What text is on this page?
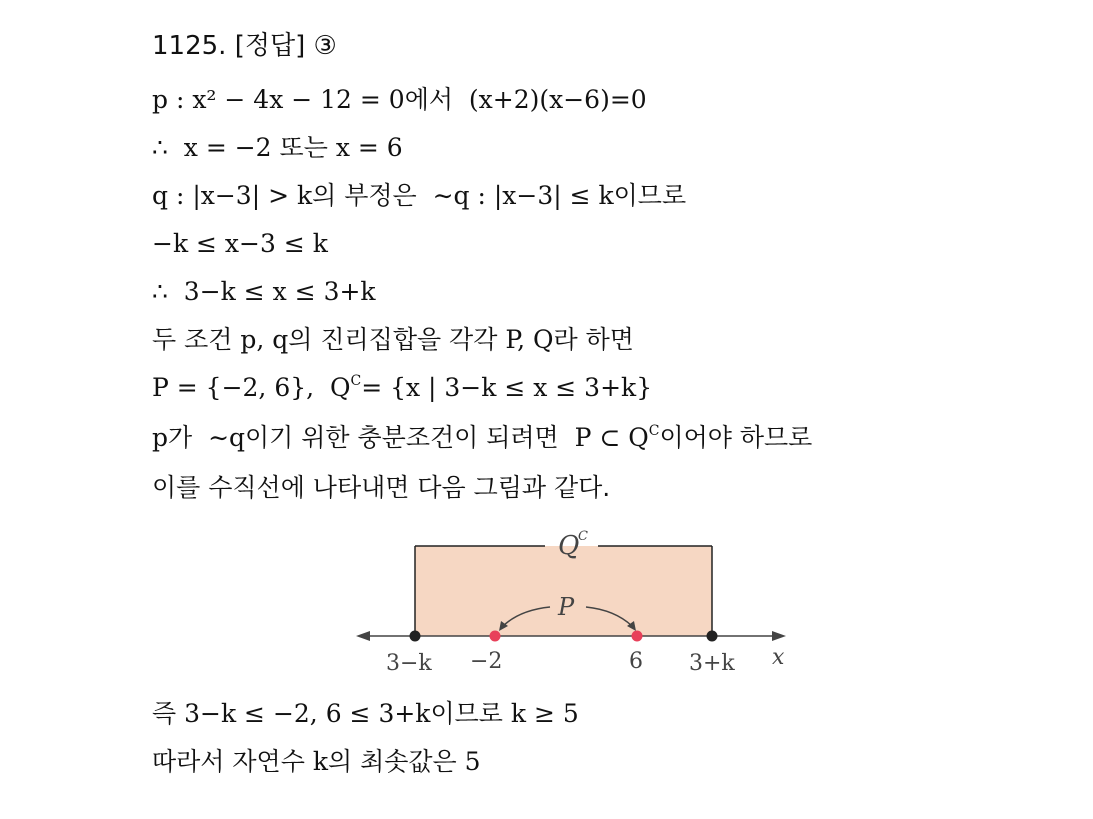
1125. [정답] ③
p : x² − 4x − 12 = 0에서 (x+2)(x−6)=0
∴  x = −2 또는 x = 6
q : |x−3| > k의 부정은 ∼q : |x−3| ≤ k이므로
−k ≤ x−3 ≤ k
∴  3−k ≤ x ≤ 3+k
두 조건 p, q의 진리집합을 각각 P, Q라 하면
P = {−2, 6},  $Q^C= \{x$ | 3−k ≤ x ≤ 3+k}
p가 ∼q이기 위한 충분조건이 되려면 P ⊂ $Q^C$이어야 하므로
이를 수직선에 나타내면 다음 그림과 같다.
Q
C
P
3−k −2	6 3+k x
즉 3−k ≤ −2, 6 ≤ 3+k이므로 k ≥ 5
따라서 자연수 k의 최솟값은 5
